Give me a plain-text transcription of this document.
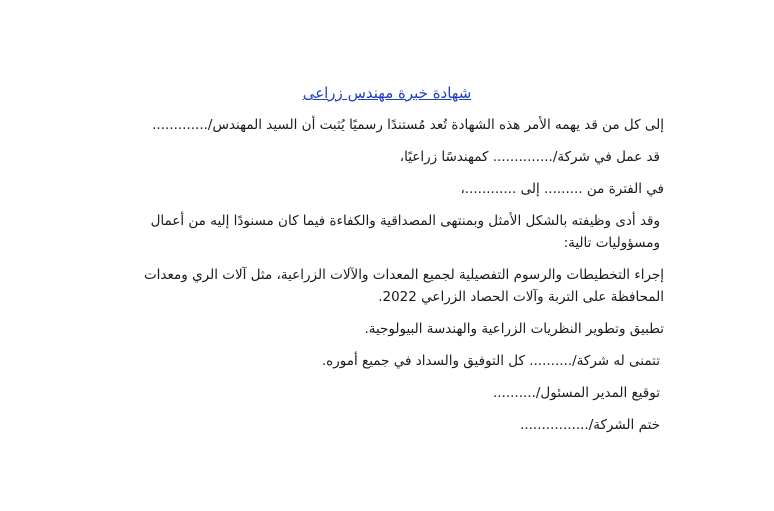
شهادة خبرة مهندس زراعى

إلى كل من قد يهمه الأمر هذه الشهادة تُعد مُستندًا رسميًا يُثبت أن السيد المهندس/.............

قد عمل في شركة/.............. كمهندسًا زراعيًا،

في الفترة من ......... إلى ............،

وقد أدى وظيفته بالشكل الأمثل وبمنتهى المصداقية والكفاءة فيما كان مسنودًا إليه من أعمال ومسؤوليات تالية:

إجراء التخطيطات والرسوم التفصيلية لجميع المعدات والآلات الزراعية، مثل آلات الري ومعدات المحافظة على التربة وآلات الحصاد الزراعي 2022.

تطبيق وتطوير النظريات الزراعية والهندسة البيولوجية.

تتمنى له شركة/.......... كل التوفيق والسداد في جميع أموره.

توقيع المدير المسئول/..........

ختم الشركة/................
